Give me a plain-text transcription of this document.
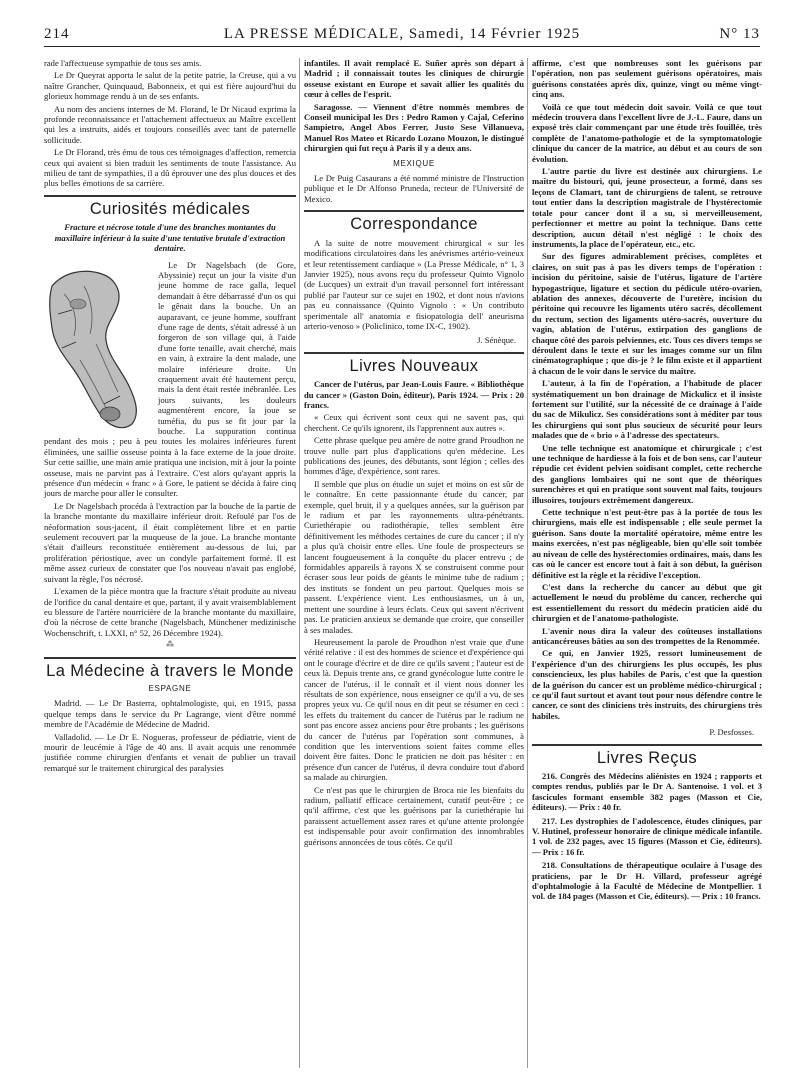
214	LA PRESSE MÉDICALE, Samedi, 14 Février 1925	N° 13

rade l'affectueuse sympathie de tous ses amis.

Le Dr Queyrat apporta le salut de la petite patrie, la Creuse, qui a vu naître Grancher, Quinquaud, Babonneix, et qui est fière aujourd'hui du glorieux hommage rendu à un de ses enfants.

Au nom des anciens internes de M. Florand, le Dr Nicaud exprima la profonde reconnaissance et l'attachement affectueux au Maître excellent qui les a instruits, aidés et toujours conseillés avec tant de paternelle sollicitude.

Le Dr Florand, très ému de tous ces témoignages d'affection, remercia ceux qui avaient si bien traduit les sentiments de toute l'assistance. Au milieu de tant de sympathies, il a dû éprouver une des plus douces et des plus belles émotions de sa carrière.

Curiosités médicales
Fracture et nécrose totale d'une des branches montantes du maxillaire inférieur à la suite d'une tentative brutale d'extraction dentaire.

Le Dr Nagelsbach (de Gore, Abyssinie) reçut un jour la visite d'un jeune homme de race galla, lequel demandait à être débarrassé d'un os qui le gênait dans la bouche. Un an auparavant, ce jeune homme, souffrant d'une rage de dents, s'était adressé à un forgeron de son village qui, à l'aide d'une forte tenaille, avait cherché, mais en vain, à extraire la dent malade, une molaire inférieure droite. Un craquement avait été hautement perçu, mais la dent était restée inébranlée. Les jours suivants, les douleurs augmentèrent encore, la joue se tuméfia, du pus se fit jour par la bouche. La suppuration continua pendant des mois ; peu à peu toutes les molaires inférieures furent éliminées, une saillie osseuse pointa à la face externe de la joue droite. Sur cette saillie, une main amie pratiqua une incision, mit à jour la pointe osseuse, mais ne parvint pas à l'extraire. C'est alors qu'ayant appris la présence d'un médecin « franc » à Gore, le patient se décida à faire cinq jours de marche pour aller le consulter.

Le Dr Nagelsbach procéda à l'extraction par la bouche de la partie de la branche montante du maxillaire inférieur droit. Refoulé par l'os de néoformation sous-jacent, il était complètement libre et en partie seulement recouvert par la muqueuse de la joue. La branche montante s'était d'ailleurs reconstituée entièrement au-dessous de lui, par prolifération périostique, avec un condyle parfaitement formé. Il est même assez curieux de constater que l'os nouveau n'avait pas englobé, suivant la règle, l'os nécrosé.

L'examen de la pièce montra que la fracture s'était produite au niveau de l'orifice du canal dentaire et que, partant, il y avait vraisemblablement eu blessure de l'artère nourricière de la branche montante du maxillaire, d'où la nécrose de cette branche (Nagelsbach, Münchener medizinische Wochenschrift, t. LXXI, n° 52, 26 Décembre 1924).

⁂
La Médecine à travers le Monde
ESPAGNE

Madrid. — Le Dr Basterra, ophtalmologiste, qui, en 1915, passa quelque temps dans le service du Pr Lagrange, vient d'être nommé membre de l'Académie de Médecine de Madrid.

Valladolid. — Le Dr E. Nogueras, professeur de pédiatrie, vient de mourir de leucémie à l'âge de 40 ans. Il avait acquis une renommée justifiée comme chirurgien d'enfants et venait de publier un travail remarqué sur le traitement chirurgical des paralysies

infantiles. Il avait remplacé E. Suñer après son départ à Madrid ; il connaissait toutes les cliniques de chirurgie osseuse existant en Europe et savait allier les qualités du cœur à celles de l'esprit.

Saragosse. — Viennent d'être nommés membres de Conseil municipal les Drs : Pedro Ramon y Cajal, Ceferino Sampietro, Angel Abos Ferrer, Justo Sese Villanueva, Manuel Ros Mateo et Ricardo Lozano Mouzon, le distingué chirurgien qui fut reçu à Paris il y a deux ans.

MEXIQUE

Le Dr Puig Casaurans a été nommé ministre de l'Instruction publique et le Dr Alfonso Pruneda, recteur de l'Université de Mexico.

Correspondance

A la suite de notre mouvement chirurgical « sur les modifications circulatoires dans les anévrismes artério-veineux et leur retentissement cardiaque » (La Presse Médicale, n° 1, 3 Janvier 1925), nous avons reçu du professeur Quinto Vignolo (de Lucques) un extrait d'un travail personnel fort intéressant publié par l'auteur sur ce sujet en 1902, et dont nous n'avions pas eu connaissance (Quinto Vignolo : « Un contributo sperimentale all' anatomia e fisiopatologia dell' aneurisma arterio-venoso » (Policlinico, tome IX-C, 1902).

J. Sénèque.
Livres Nouveaux

Cancer de l'utérus, par Jean-Louis Faure. « Bibliothèque du cancer » (Gaston Doin, éditeur), Paris 1924. — Prix : 20 francs.

« Ceux qui écrivent sont ceux qui ne savent pas, qui cherchent. Ce qu'ils ignorent, ils l'apprennent aux autres ».

Cette phrase quelque peu amère de notre grand Proudhon ne trouve nulle part plus d'applications qu'en médecine. Les publications des jeunes, des débutants, sont légion ; celles des hommes d'âge, d'expérience, sont rares.

Il semble que plus on étudie un sujet et moins on est sûr de le connaître. En cette passionnante étude du cancer, par exemple, quel bruit, il y a quelques années, sur la guérison par le radium et par les rayonnements ultra-pénétrants. Curiethérapie ou radiothérapie, telles semblent être définitivement les méthodes certaines de cure du cancer ; il n'y a plus qu'à choisir entre elles. Une foule de prospecteurs se lancent fougueusement à la conquête du placer entrevu ; de formidables appareils à rayons X se construisent comme pour écraser sous leur poids de géants le minime tube de radium ; des instituts se fondent un peu partout. Quelques mois se passent. L'expérience vient. Les enthousiasmes, un à un, mettent une sourdine à leurs éclats. Ceux qui savent n'écrivent pas. Le praticien anxieux se demande que croire, que conseiller à ses malades.

Heureusement la parole de Proudhon n'est vraie que d'une vérité relative : il est des hommes de science et d'expérience qui ont le courage d'écrire et de dire ce qu'ils savent ; l'auteur est de ceux là. Depuis trente ans, ce grand gynécologue lutte contre le cancer de l'utérus, il le connaît et il vient nous donner les résultats de son expérience, nous enseigner ce qu'il a vu, de ses propres yeux vu. Ce qu'il nous en dit peut se résumer en ceci : les effets du traitement du cancer de l'utérus par le radium ne sont pas encore assez anciens pour être probants ; les guérisons du cancer de l'utérus par l'opération sont communes, à condition que les interventions soient faites comme elles doivent être faites. Donc le praticien ne doit pas hésiter : en présence d'un cancer de l'utérus, il devra conduire tout d'abord sa malade au chirurgien.

Ce n'est pas que le chirurgien de Broca nie les bienfaits du radium, palliatif efficace certainement, curatif peut-être ; ce qu'il affirme, c'est que les guérisons par la curiethérapie lui paraissent actuellement assez rares et qu'une attente prolongée est indispensable pour avoir confirmation des innombrables guérisons annoncées de tous côtés. Ce qu'il

affirme, c'est que nombreuses sont les guérisons par l'opération, non pas seulement guérisons opératoires, mais guérisons constatées après dix, quinze, vingt ou même vingt-cinq ans.

Voilà ce que tout médecin doit savoir. Voilà ce que tout médecin trouvera dans l'excellent livre de J.-L. Faure, dans un exposé très clair commençant par une étude très fouillée, très complète de l'anatomo-pathologie et de la symptomatologie clinique du cancer de la matrice, au début et au cours de son évolution.

L'autre partie du livre est destinée aux chirurgiens. Le maître du bistouri, qui, jeune prosecteur, a formé, dans ses leçons de Clamart, tant de chirurgiens de talent, se retrouve tout entier dans la description magistrale de l'hystérectomie totale pour cancer dont il a su, si merveilleusement, perfectionner et mettre au point la technique. Dans cette description, aucun détail n'est négligé : le choix des instruments, la place de l'opérateur, etc., etc.

Sur des figures admirablement précises, complètes et claires, on suit pas à pas les divers temps de l'opération : incision du péritoine, saisie de l'utérus, ligature de l'artère hypogastrique, ligature et section du pédicule utéro-ovarien, ablation des annexes, découverte de l'uretère, incision du péritoine qui recouvre les ligaments utéro sacrés, décollement du rectum, section des ligaments utéro-sacrés, ouverture du vagin, ablation de l'utérus, extirpation des ganglions de chaque côté des parois pelviennes, etc. Tous ces divers temps se déroulent dans le texte et sur les images comme sur un film cinématographique ; que dis-je ? le film existe et il appartient à chacun de le voir dans le service du maître.

L'auteur, à la fin de l'opération, a l'habitude de placer systématiquement un bon drainage de Mickulicz et il insiste fortement sur l'utilité, sur la nécessité de ce drainage à l'aide du sac de Mikulicz. Ses considérations sont à méditer par tous les chirurgiens qui sont plus soucieux de sécurité pour leurs malades que de « brio » à l'adresse des spectateurs.

Une telle technique est anatomique et chirurgicale ; c'est une technique de hardiesse à la fois et de bon sens, car l'auteur répudie cet évident pelvien soidisant complet, cette recherche des ganglions lombaires qui ne sont que de théoriques surenchères et qui en pratique sont souvent mal faits, toujours illusoires, toujours extrêmement dangereux.

Cette technique n'est peut-être pas à la portée de tous les chirurgiens, mais elle est indispensable ; elle seule permet la guérison. Sans doute la mortalité opératoire, même entre les mains exercées, n'est pas négligeable, bien qu'elle soit tombée au niveau de celle des hystérectomies ordinaires, mais, dans les cas où le cancer est encore tout à fait à son début, la guérison définitive est la règle et la récidive l'exception.

C'est dans la recherche du cancer au début que git actuellement le nœud du problème du cancer, recherche qui est essentiellement du ressort du médecin praticien aidé du chirurgien et de l'anatomo-pathologiste.

L'avenir nous dira la valeur des coûteuses installations anticancéreuses bâties au son des trompettes de la Renommée.

Ce qui, en Janvier 1925, ressort lumineusement de l'expérience d'un des chirurgiens les plus occupés, les plus consciencieux, les plus habiles de Paris, c'est que la question de la guérison du cancer est un problème médico-chirurgical ; ce qu'il faut surtout et avant tout pour nous défendre contre le cancer, ce sont des cliniciens très instruits, des chirurgiens très habiles.

P. Desfosses.
Livres Reçus

216. Congrès des Médecins aliénistes en 1924 ; rapports et comptes rendus, publiés par le Dr A. Santenoise. 1 vol. et 3 fascicules formant ensemble 382 pages (Masson et Cie, éditeurs). — Prix : 40 fr.

217. Les dystrophies de l'adolescence, études cliniques, par V. Hutinel, professeur honoraire de clinique médicale infantile. 1 vol. de 232 pages, avec 15 figures (Masson et Cie, éditeurs). — Prix : 16 fr.

218. Consultations de thérapeutique oculaire à l'usage des praticiens, par le Dr H. Villard, professeur agrégé d'ophtalmologie à la Faculté de Médecine de Montpellier. 1 vol. de 184 pages (Masson et Cie, éditeurs). — Prix : 10 francs.
